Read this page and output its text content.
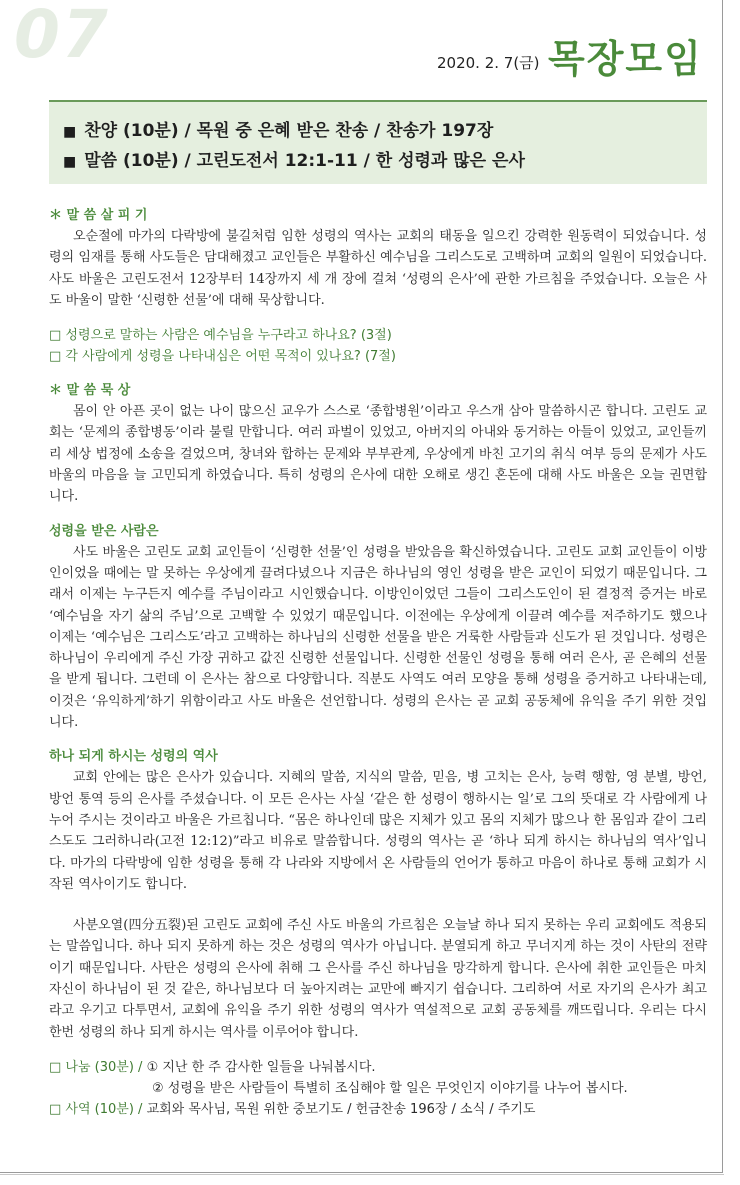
07	2020. 2. 7(금) 목장모임
■ 찬양 (10분) / 목원 중 은혜 받은 찬송 / 찬송가 197장
■ 말씀 (10분) / 고린도전서 12:1-11 / 한 성령과 많은 은사
＊ 말 씀 살 피 기

오순절에 마가의 다락방에 불길처럼 임한 성령의 역사는 교회의 태동을 일으킨 강력한 원동력이 되었습니다. 성령의 임재를 통해 사도들은 담대해졌고 교인들은 부활하신 예수님을 그리스도로 고백하며 교회의 일원이 되었습니다. 사도 바울은 고린도전서 12장부터 14장까지 세 개 장에 걸쳐 ‘성령의 은사’에 관한 가르침을 주었습니다. 오늘은 사도 바울이 말한 ‘신령한 선물’에 대해 묵상합니다.

□ 성령으로 말하는 사람은 예수님을 누구라고 하나요? (3절)
□ 각 사람에게 성령을 나타내심은 어떤 목적이 있나요? (7절)
＊ 말 씀 묵 상

몸이 안 아픈 곳이 없는 나이 많으신 교우가 스스로 ‘종합병원’이라고 우스개 삼아 말씀하시곤 합니다. 고린도 교회는 ‘문제의 종합병동’이라 불릴 만합니다. 여러 파벌이 있었고, 아버지의 아내와 동거하는 아들이 있었고, 교인들끼리 세상 법정에 소송을 걸었으며, 창녀와 합하는 문제와 부부관계, 우상에게 바친 고기의 취식 여부 등의 문제가 사도 바울의 마음을 늘 고민되게 하였습니다. 특히 성령의 은사에 대한 오해로 생긴 혼돈에 대해 사도 바울은 오늘 권면합니다.

성령을 받은 사람은

사도 바울은 고린도 교회 교인들이 ‘신령한 선물’인 성령을 받았음을 확신하였습니다. 고린도 교회 교인들이 이방인이었을 때에는 말 못하는 우상에게 끌려다녔으나 지금은 하나님의 영인 성령을 받은 교인이 되었기 때문입니다. 그래서 이제는 누구든지 예수를 주님이라고 시인했습니다. 이방인이었던 그들이 그리스도인이 된 결정적 증거는 바로 ‘예수님을 자기 삶의 주님’으로 고백할 수 있었기 때문입니다. 이전에는 우상에게 이끌려 예수를 저주하기도 했으나 이제는 ‘예수님은 그리스도’라고 고백하는 하나님의 신령한 선물을 받은 거룩한 사람들과 신도가 된 것입니다. 성령은 하나님이 우리에게 주신 가장 귀하고 값진 신령한 선물입니다. 신령한 선물인 성령을 통해 여러 은사, 곧 은혜의 선물을 받게 됩니다. 그런데 이 은사는 참으로 다양합니다. 직분도 사역도 여러 모양을 통해 성령을 증거하고 나타내는데, 이것은 ‘유익하게’하기 위함이라고 사도 바울은 선언합니다. 성령의 은사는 곧 교회 공동체에 유익을 주기 위한 것입니다.

하나 되게 하시는 성령의 역사

교회 안에는 많은 은사가 있습니다. 지혜의 말씀, 지식의 말씀, 믿음, 병 고치는 은사, 능력 행함, 영 분별, 방언, 방언 통역 등의 은사를 주셨습니다. 이 모든 은사는 사실 ‘같은 한 성령이 행하시는 일’로 그의 뜻대로 각 사람에게 나누어 주시는 것이라고 바울은 가르칩니다. “몸은 하나인데 많은 지체가 있고 몸의 지체가 많으나 한 몸임과 같이 그리스도도 그러하니라(고전 12:12)”라고 비유로 말씀합니다. 성령의 역사는 곧 ‘하나 되게 하시는 하나님의 역사’입니다. 마가의 다락방에 임한 성령을 통해 각 나라와 지방에서 온 사람들의 언어가 통하고 마음이 하나로 통해 교회가 시작된 역사이기도 합니다.

사분오열(四分五裂)된 고린도 교회에 주신 사도 바울의 가르침은 오늘날 하나 되지 못하는 우리 교회에도 적용되는 말씀입니다. 하나 되지 못하게 하는 것은 성령의 역사가 아닙니다. 분열되게 하고 무너지게 하는 것이 사탄의 전략이기 때문입니다. 사탄은 성령의 은사에 취해 그 은사를 주신 하나님을 망각하게 합니다. 은사에 취한 교인들은 마치 자신이 하나님이 된 것 같은, 하나님보다 더 높아지려는 교만에 빠지기 쉽습니다. 그리하여 서로 자기의 은사가 최고라고 우기고 다투면서, 교회에 유익을 주기 위한 성령의 역사가 역설적으로 교회 공동체를 깨뜨립니다. 우리는 다시 한번 성령의 하나 되게 하시는 역사를 이루어야 합니다.

□ 나눔 (30분) / ① 지난 한 주 감사한 일들을 나눠봅시다.
② 성령을 받은 사람들이 특별히 조심해야 할 일은 무엇인지 이야기를 나누어 봅시다.
□ 사역 (10분) / 교회와 목사님, 목원 위한 중보기도 / 헌금찬송 196장 / 소식 / 주기도
